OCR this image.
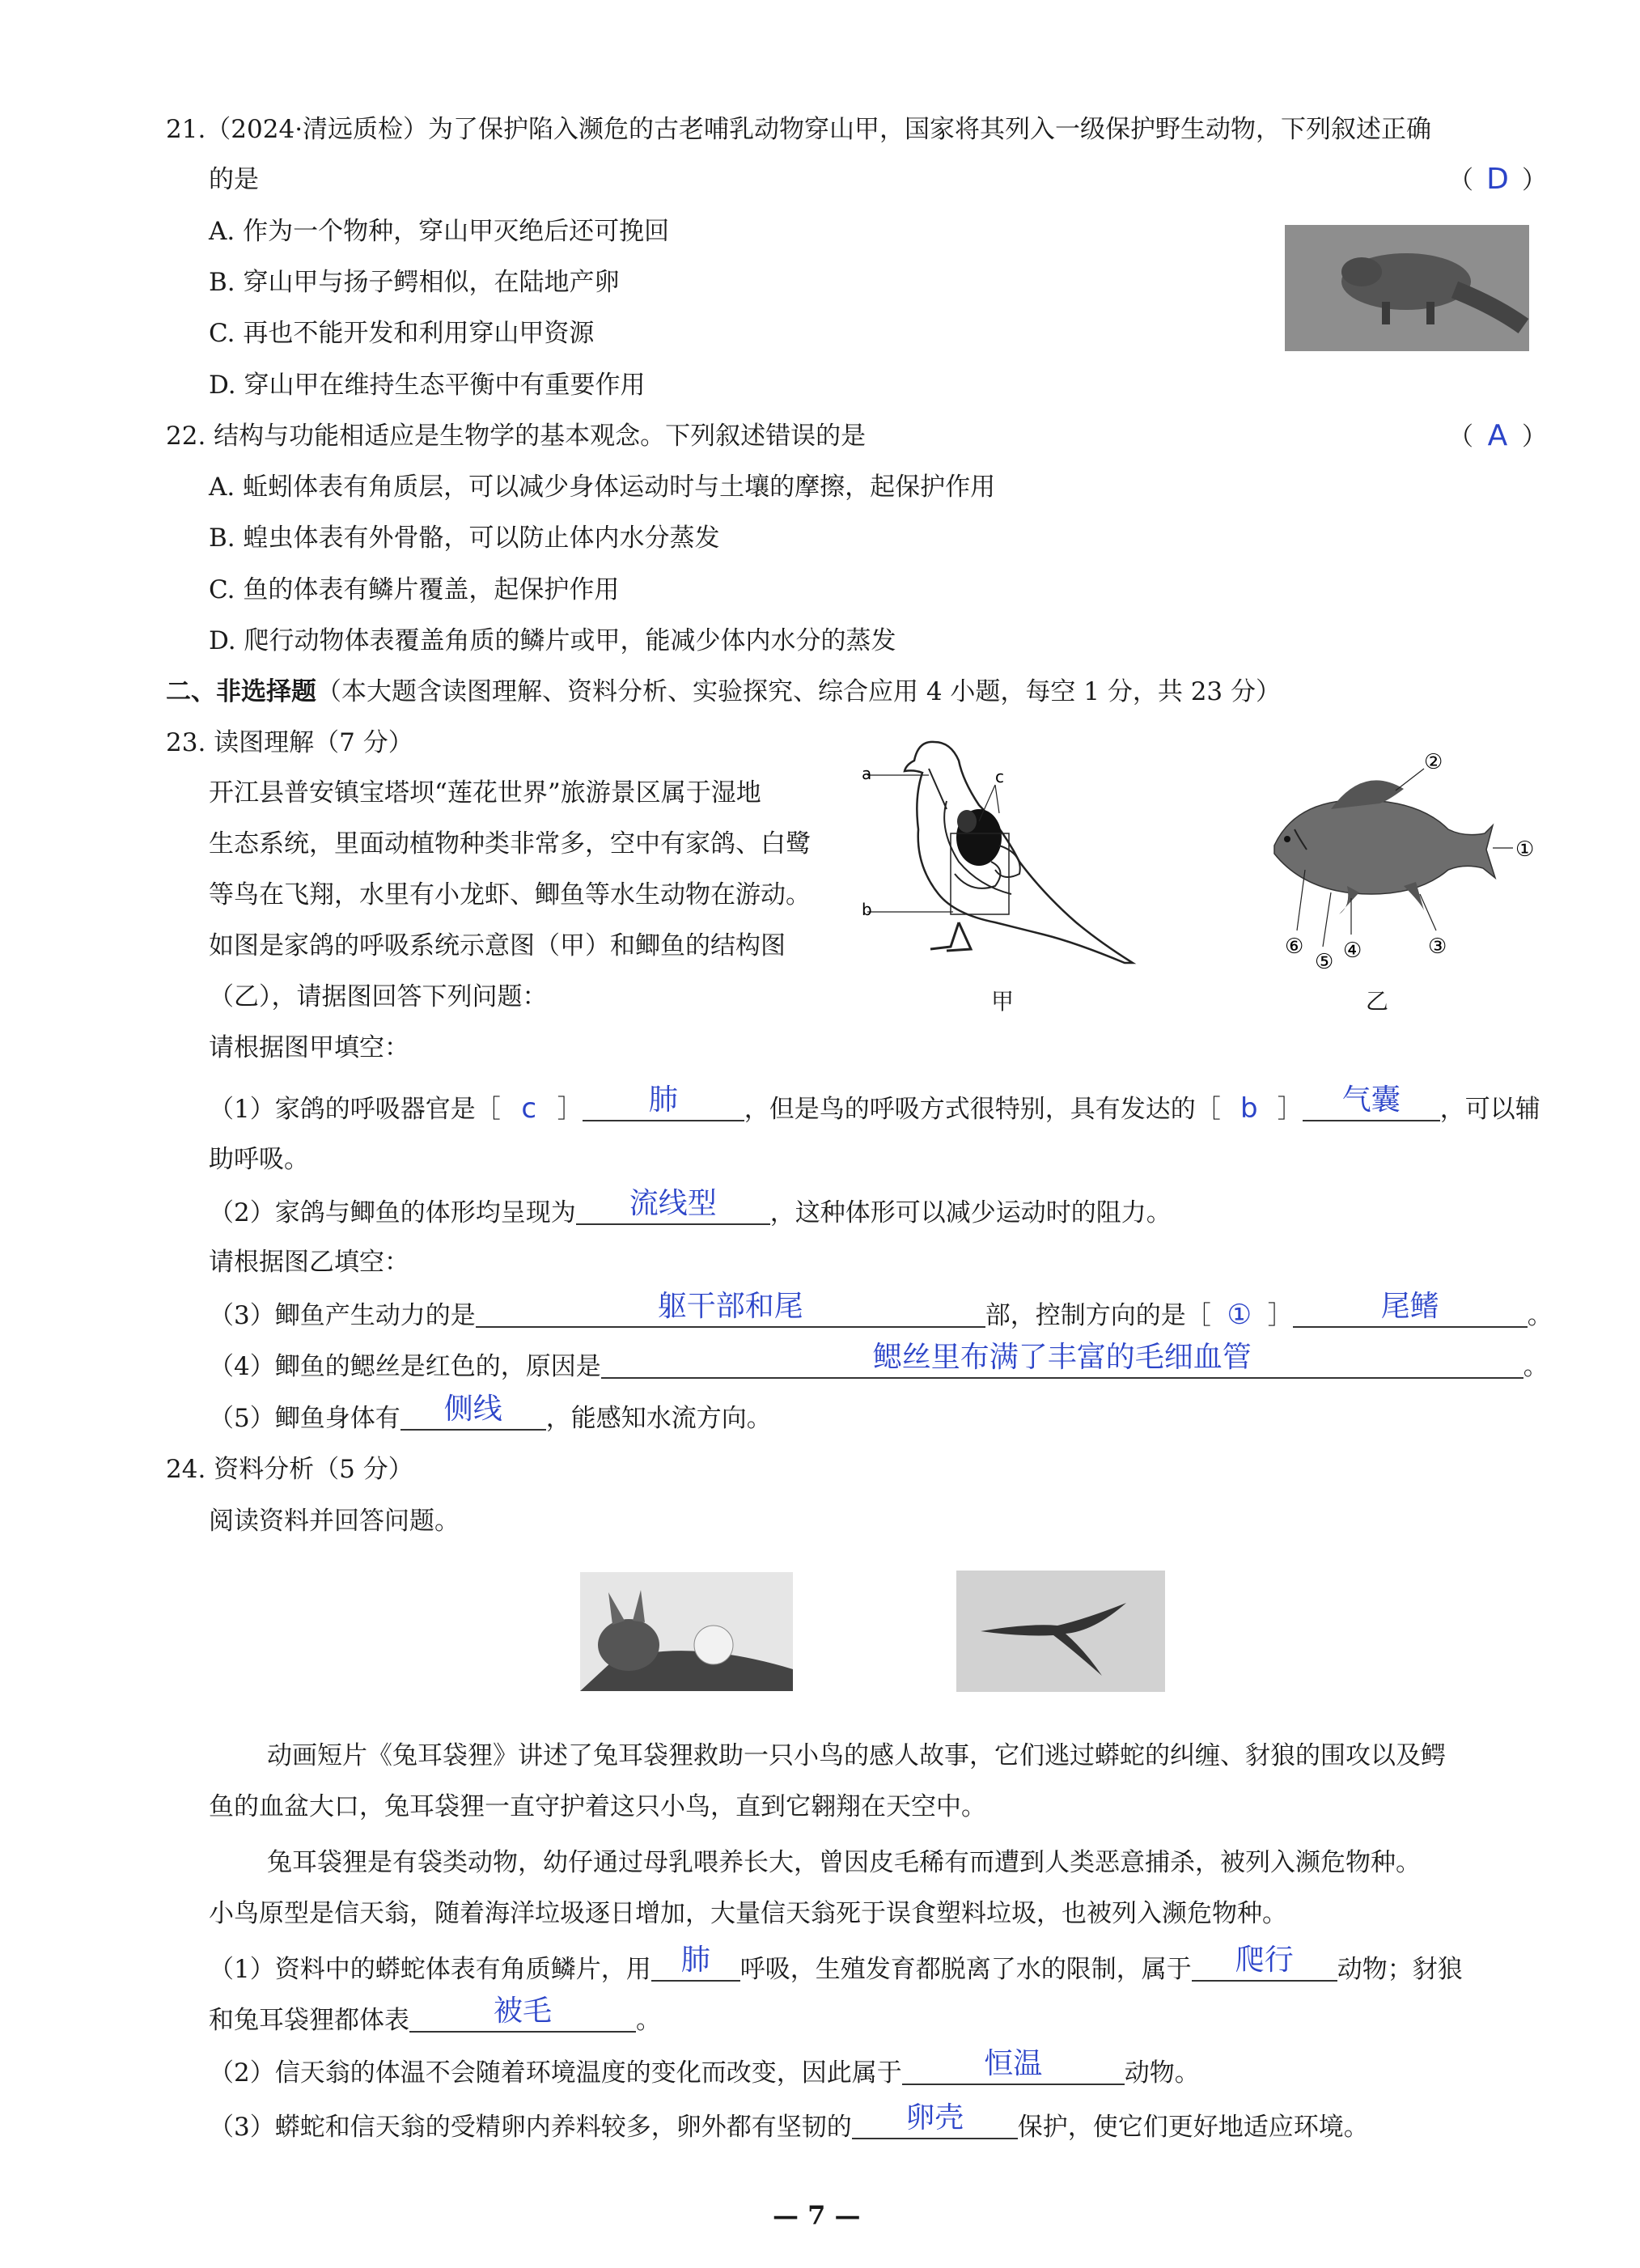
21.（2024·清远质检）为了保护陷入濒危的古老哺乳动物穿山甲，国家将其列入一级保护野生动物，下列叙述正确
的是	（ D ）
A. 作为一个物种，穿山甲灭绝后还可挽回
B. 穿山甲与扬子鳄相似，在陆地产卵
C. 再也不能开发和利用穿山甲资源
D. 穿山甲在维持生态平衡中有重要作用
22. 结构与功能相适应是生物学的基本观念。下列叙述错误的是	（ A ）
A. 蚯蚓体表有角质层，可以减少身体运动时与土壤的摩擦，起保护作用
B. 蝗虫体表有外骨骼，可以防止体内水分蒸发
C. 鱼的体表有鳞片覆盖，起保护作用
D. 爬行动物体表覆盖角质的鳞片或甲，能减少体内水分的蒸发
二、非选择题（本大题含读图理解、资料分析、实验探究、综合应用 4 小题，每空 1 分，共 23 分）
23. 读图理解（7 分）
开江县普安镇宝塔坝“莲花世界”旅游景区属于湿地
生态系统，里面动植物种类非常多，空中有家鸽、白鹭
等鸟在飞翔，水里有小龙虾、鲫鱼等水生动物在游动。
如图是家鸽的呼吸系统示意图（甲）和鲫鱼的结构图
（乙），请据图回答下列问题：
a
b
c
甲
②
①
③
④
⑤
⑥
乙
请根据图甲填空：
（1）家鸽的呼吸器官是［ c ］ 肺	，但是鸟的呼吸方式很特别，具有发达的［ b ］ 气囊 ，可以辅
助呼吸。
（2）家鸽与鲫鱼的体形均呈现为 流线型 ，这种体形可以减少运动时的阻力。
请根据图乙填空：
（3）鲫鱼产生动力的是	躯干部和尾	部，控制方向的是［ ① ］	尾鳍	。
（4）鲫鱼的鳃丝是红色的，原因是	鳃丝里布满了丰富的毛细血管	。
（5）鲫鱼身体有 侧线 ，能感知水流方向。
24. 资料分析（5 分）
阅读资料并回答问题。
动画短片《兔耳袋狸》讲述了兔耳袋狸救助一只小鸟的感人故事，它们逃过蟒蛇的纠缠、豺狼的围攻以及鳄
鱼的血盆大口，兔耳袋狸一直守护着这只小鸟，直到它翱翔在天空中。
兔耳袋狸是有袋类动物，幼仔通过母乳喂养长大，曾因皮毛稀有而遭到人类恶意捕杀，被列入濒危物种。
小鸟原型是信天翁，随着海洋垃圾逐日增加，大量信天翁死于误食塑料垃圾，也被列入濒危物种。
（1）资料中的蟒蛇体表有角质鳞片，用 肺 呼吸，生殖发育都脱离了水的限制，属于 爬行 动物；豺狼
和兔耳袋狸都体表	被毛	。
（2）信天翁的体温不会随着环境温度的变化而改变，因此属于	恒温	动物。
（3）蟒蛇和信天翁的受精卵内养料较多，卵外都有坚韧的 卵壳 保护，使它们更好地适应环境。
— 7 —
